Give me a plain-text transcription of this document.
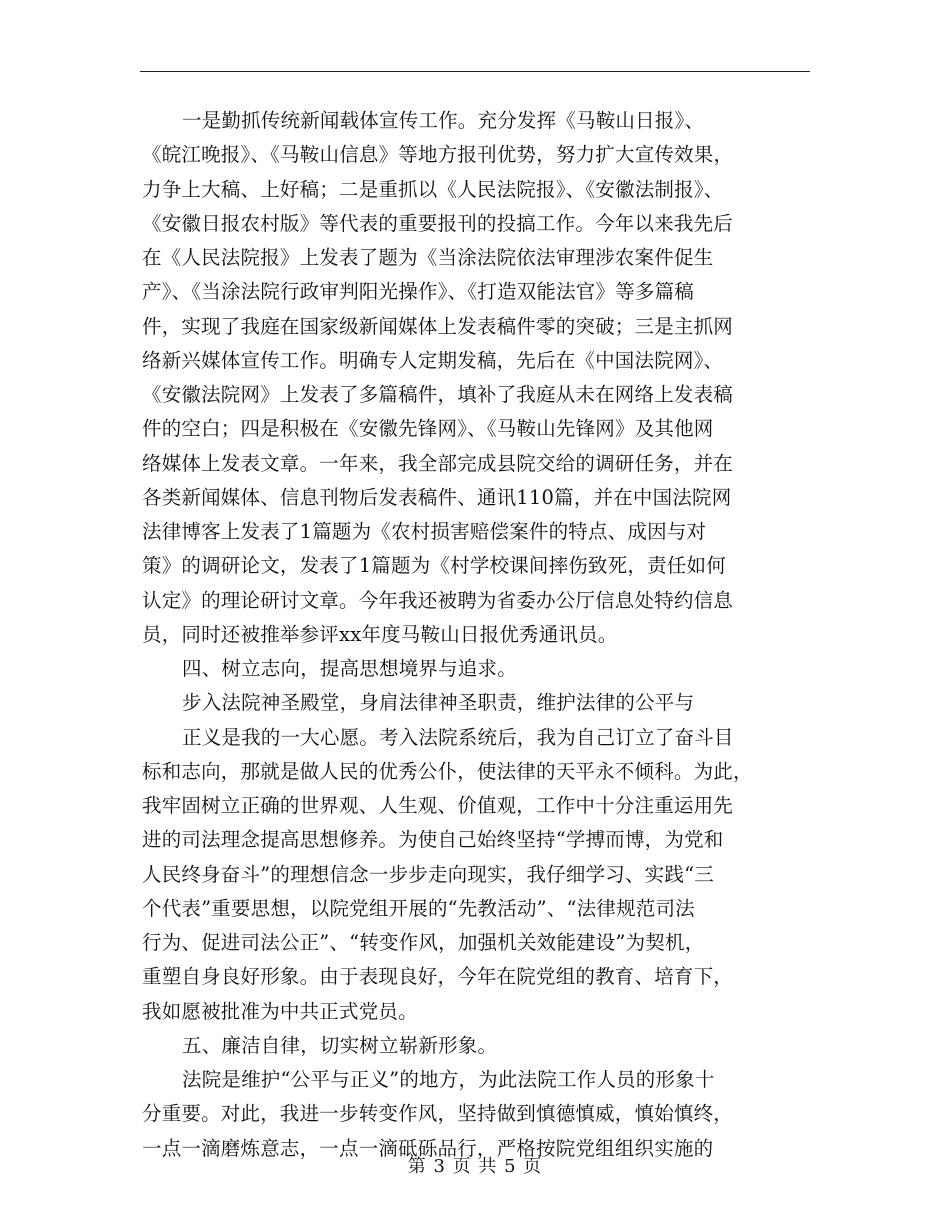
一是勤抓传统新闻载体宣传工作。充分发挥《马鞍山日报》、
《皖江晚报》、《马鞍山信息》等地方报刊优势，努力扩大宣传效果，
力争上大稿、上好稿；二是重抓以《人民法院报》、《安徽法制报》、
《安徽日报农村版》等代表的重要报刊的投搞工作。今年以来我先后
在《人民法院报》上发表了题为《当涂法院依法审理涉农案件促生
产》、《当涂法院行政审判阳光操作》、《打造双能法官》等多篇稿
件，实现了我庭在国家级新闻媒体上发表稿件零的突破；三是主抓网
络新兴媒体宣传工作。明确专人定期发稿，先后在《中国法院网》、
《安徽法院网》上发表了多篇稿件，填补了我庭从未在网络上发表稿
件的空白；四是积极在《安徽先锋网》、《马鞍山先锋网》及其他网
络媒体上发表文章。一年来，我全部完成县院交给的调研任务，并在
各类新闻媒体、信息刊物后发表稿件、通讯110篇，并在中国法院网
法律博客上发表了1篇题为《农村损害赔偿案件的特点、成因与对
策》的调研论文，发表了1篇题为《村学校课间摔伤致死，责任如何
认定》的理论研讨文章。今年我还被聘为省委办公厅信息处特约信息
员，同时还被推举参评xx年度马鞍山日报优秀通讯员。
四、树立志向，提高思想境界与追求。
步入法院神圣殿堂，身肩法律神圣职责，维护法律的公平与
正义是我的一大心愿。考入法院系统后，我为自己订立了奋斗目
标和志向，那就是做人民的优秀公仆，使法律的天平永不倾科。为此，
我牢固树立正确的世界观、人生观、价值观，工作中十分注重运用先
进的司法理念提高思想修养。为使自己始终坚持“学搏而博，为党和
人民终身奋斗”的理想信念一步步走向现实，我仔细学习、实践“三
个代表”重要思想，以院党组开展的“先教活动”、“法律规范司法
行为、促进司法公正”、“转变作风，加强机关效能建设”为契机，
重塑自身良好形象。由于表现良好，今年在院党组的教育、培育下，
我如愿被批准为中共正式党员。
五、廉洁自律，切实树立崭新形象。
法院是维护“公平与正义”的地方，为此法院工作人员的形象十
分重要。对此，我进一步转变作风，坚持做到慎德慎威，慎始慎终，
一点一滴磨炼意志，一点一滴砥砾品行，严格按院党组组织实施的
第 3 页 共 5 页
